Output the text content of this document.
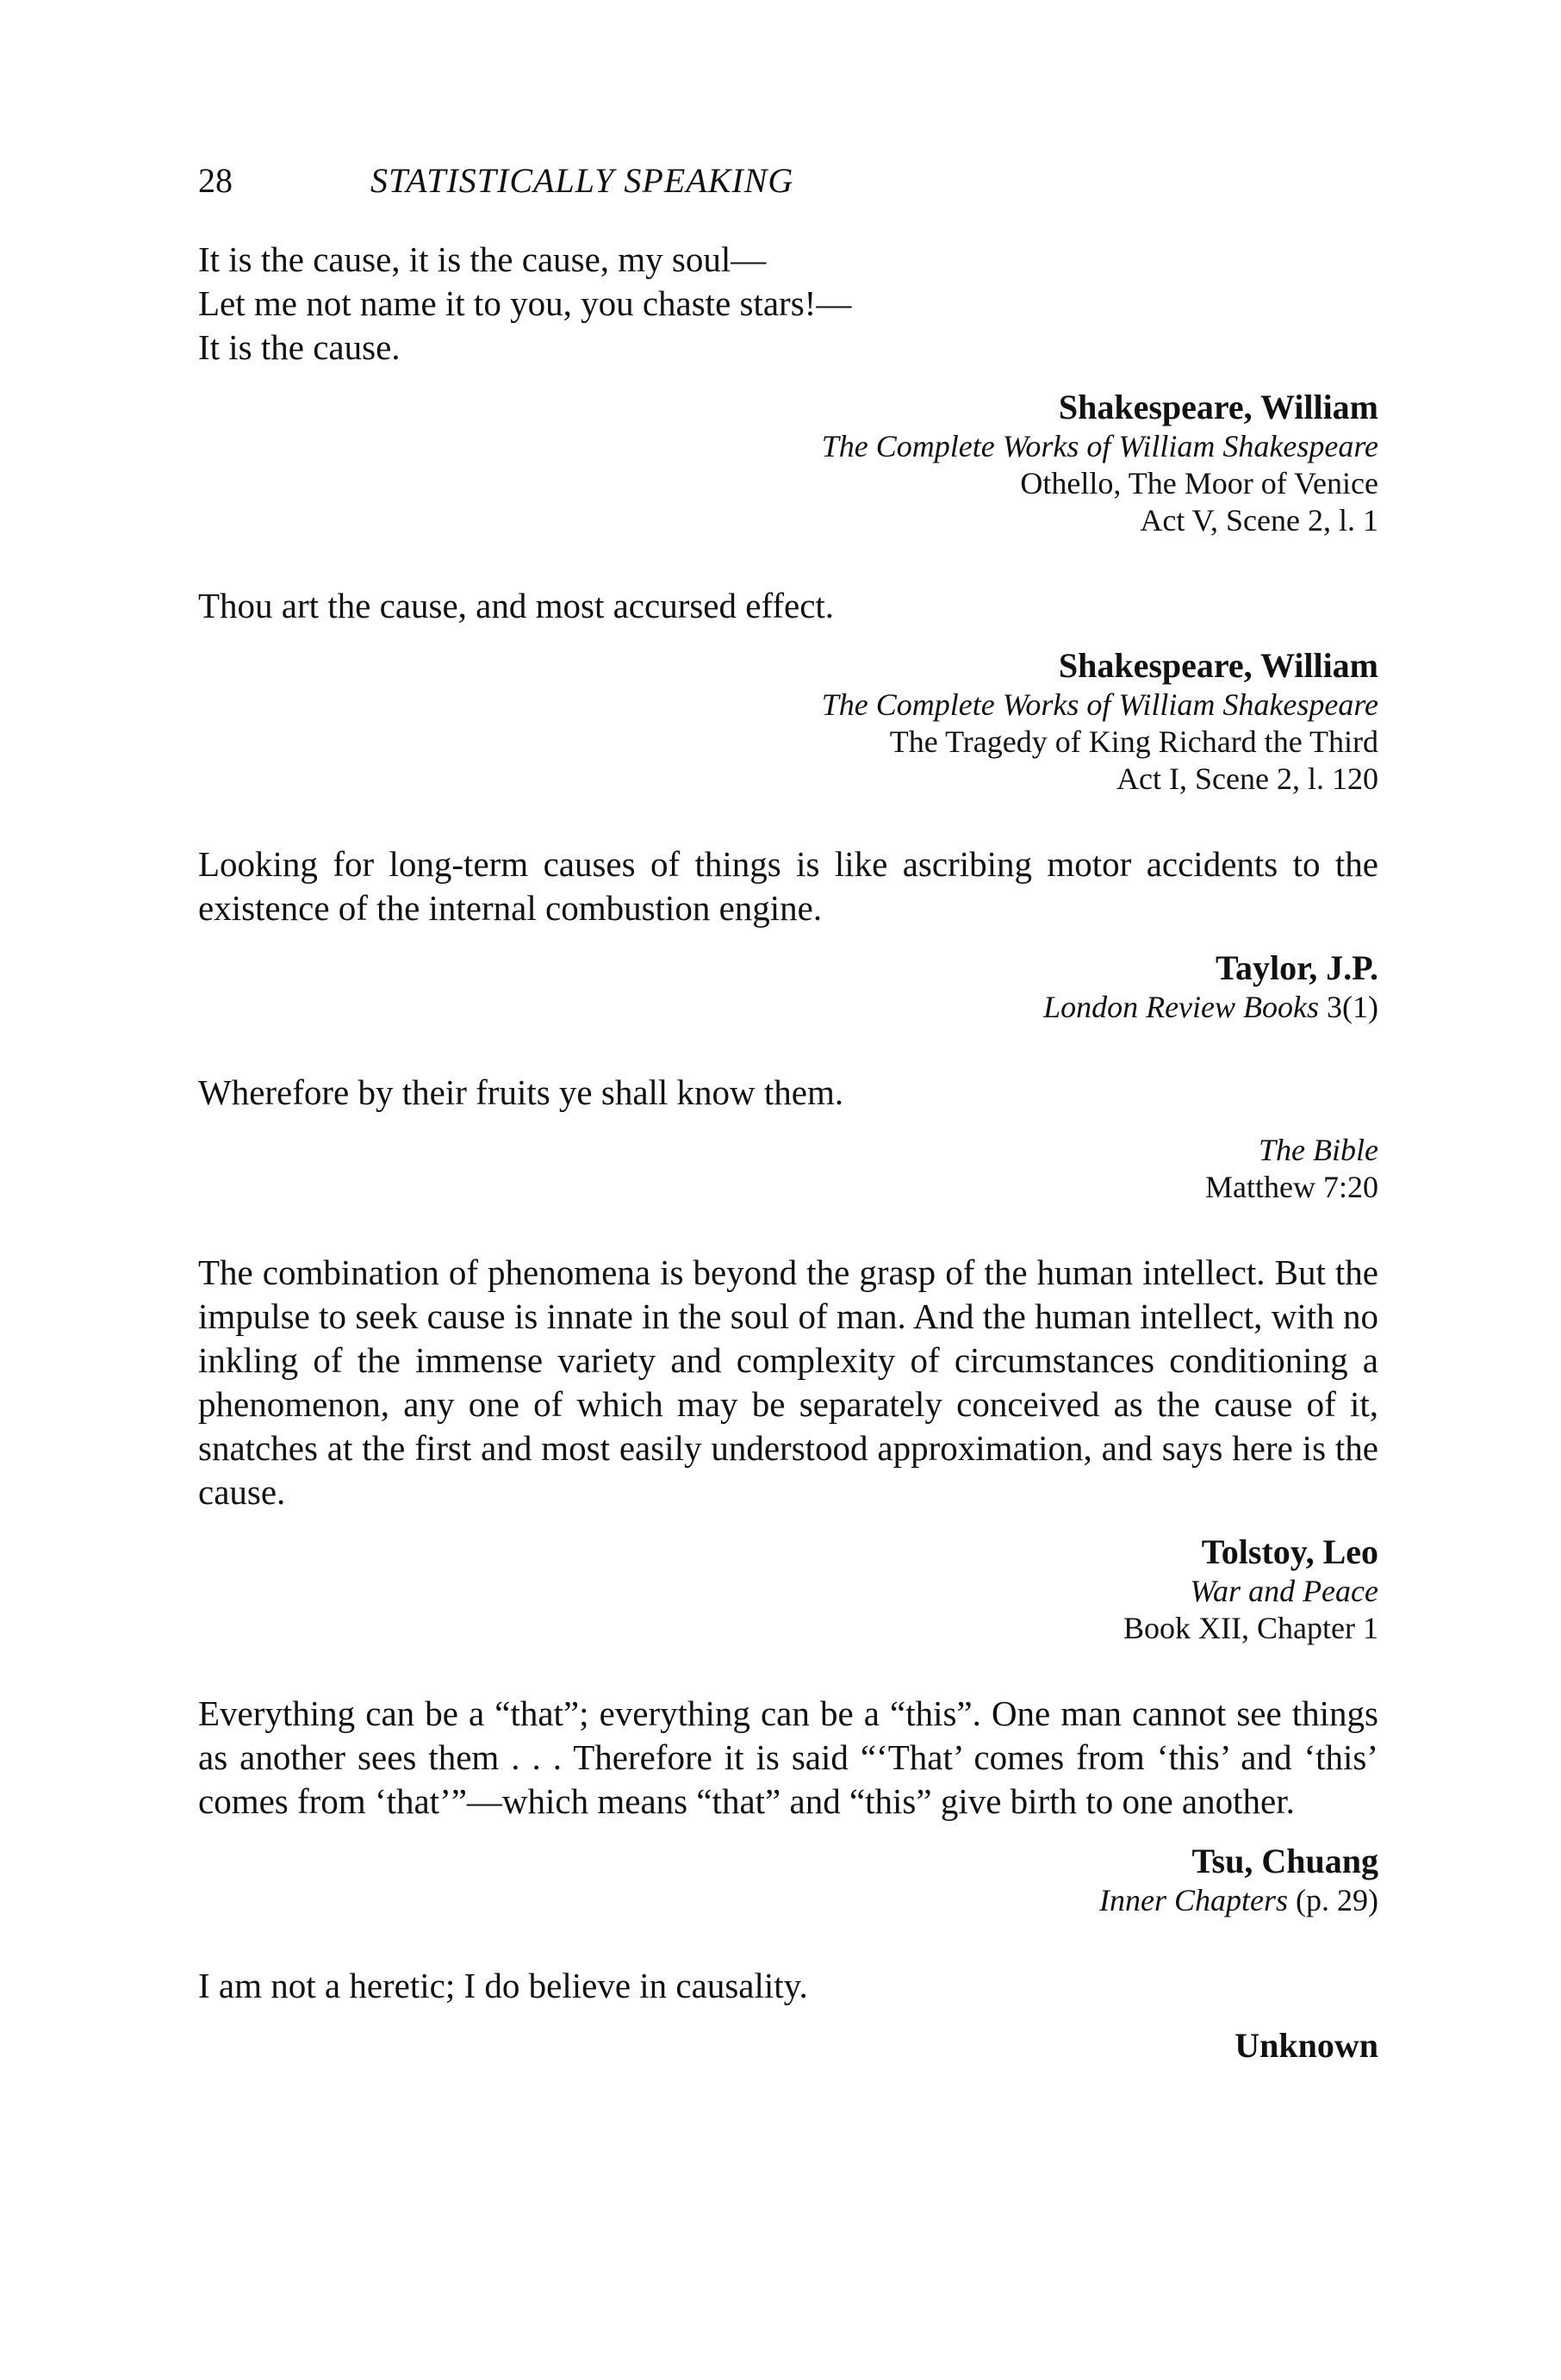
28	STATISTICALLY SPEAKING
It is the cause, it is the cause, my soul—
Let me not name it to you, you chaste stars!—
It is the cause.
Shakespeare, William
The Complete Works of William Shakespeare
Othello, The Moor of Venice
Act V, Scene 2, l. 1
Thou art the cause, and most accursed effect.
Shakespeare, William
The Complete Works of William Shakespeare
The Tragedy of King Richard the Third
Act I, Scene 2, l. 120

Looking for long-term causes of things is like ascribing motor accidents to the existence of the internal combustion engine.

Taylor, J.P.
London Review Books 3(1)
Wherefore by their fruits ye shall know them.
The Bible
Matthew 7:20

The combination of phenomena is beyond the grasp of the human intellect. But the impulse to seek cause is innate in the soul of man. And the human intellect, with no inkling of the immense variety and complexity of circumstances conditioning a phenomenon, any one of which may be separately conceived as the cause of it, snatches at the first and most easily understood approximation, and says here is the cause.

Tolstoy, Leo
War and Peace
Book XII, Chapter 1

Everything can be a “that”; everything can be a “this”. One man cannot see things as another sees them . . . Therefore it is said “‘That’ comes from ‘this’ and ‘this’ comes from ‘that’”—which means “that” and “this” give birth to one another.

Tsu, Chuang
Inner Chapters (p. 29)
I am not a heretic; I do believe in causality.
Unknown
